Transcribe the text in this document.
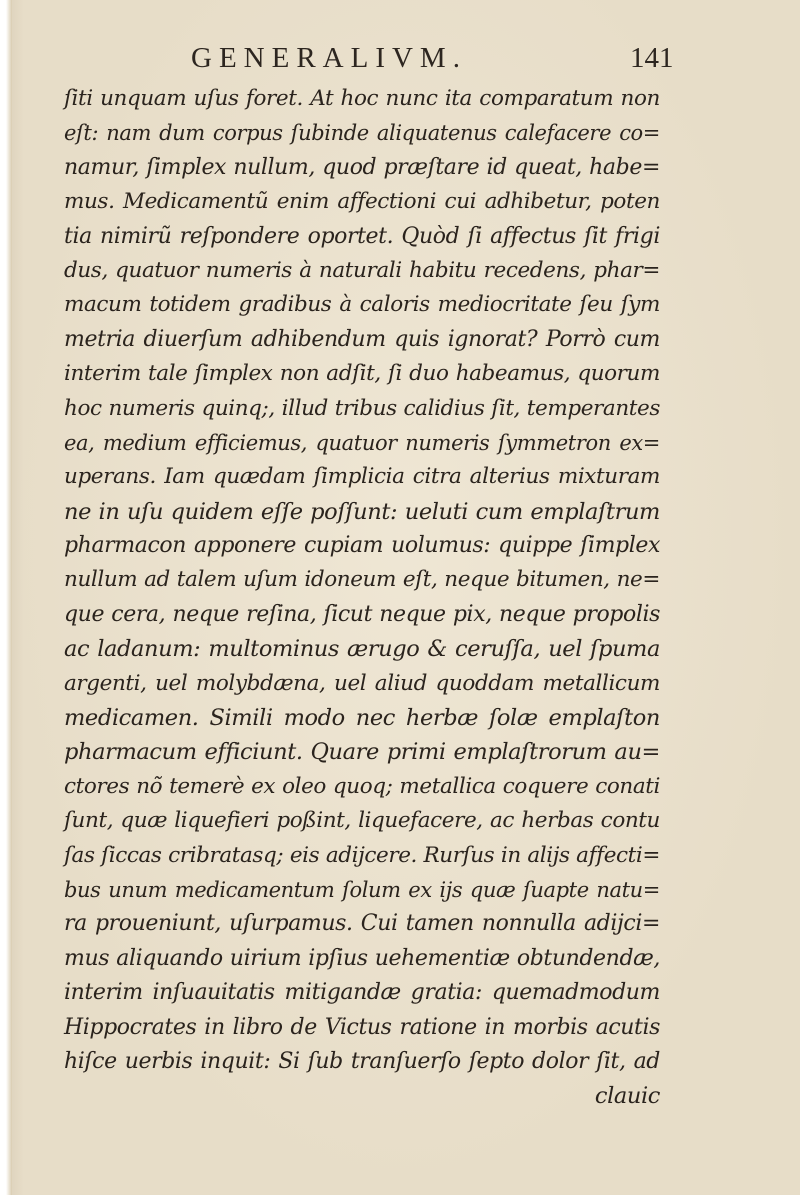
GENERALIVM.	141
ſiti unquam uſus foret. At hoc nunc ita comparatum non
eſt: nam dum corpus ſubinde aliquatenus calefacere co=
namur, ſimplex nullum, quod præſtare id queat, habe=
mus. Medicamentũ enim affectioni cui adhibetur, poten
tia nimirũ reſpondere oportet. Quòd ſi affectus ſit frigi
dus, quatuor numeris à naturali habitu recedens, phar=
macum totidem gradibus à caloris mediocritate ſeu ſym
metria diuerſum adhibendum quis ignorat? Porrò cum
interim tale ſimplex non adſit, ſi duo habeamus, quorum
hoc numeris quinq;, illud tribus calidius ſit, temperantes
ea, medium efficiemus, quatuor numeris ſymmetron ex=
uperans. Iam quædam ſimplicia citra alterius mixturam
ne in uſu quidem eſſe poſſunt: ueluti cum emplaſtrum
pharmacon apponere cupiam uolumus: quippe ſimplex
nullum ad talem uſum idoneum eſt, neque bitumen, ne=
que cera, neque reſina, ſicut neque pix, neque propolis
ac ladanum: multominus ærugo & ceruſſa, uel ſpuma
argenti, uel molybdæna, uel aliud quoddam metallicum
medicamen. Simili modo nec herbæ ſolæ emplaſton
pharmacum efficiunt. Quare primi emplaſtrorum au=
ctores nõ temerè ex oleo quoq; metallica coquere conati
ſunt, quæ liquefieri poßint, liquefacere, ac herbas contu
ſas ſiccas cribratasq; eis adijcere. Rurſus in alijs affecti=
bus unum medicamentum ſolum ex ijs quæ ſuapte natu=
ra proueniunt, uſurpamus. Cui tamen nonnulla adijci=
mus aliquando uirium ipſius uehementiæ obtundendæ,
interim inſuauitatis mitigandæ gratia: quemadmodum
Hippocrates in libro de Victus ratione in morbis acutis
hiſce uerbis inquit: Si ſub tranſuerſo ſepto dolor ſit, ad
clauic
